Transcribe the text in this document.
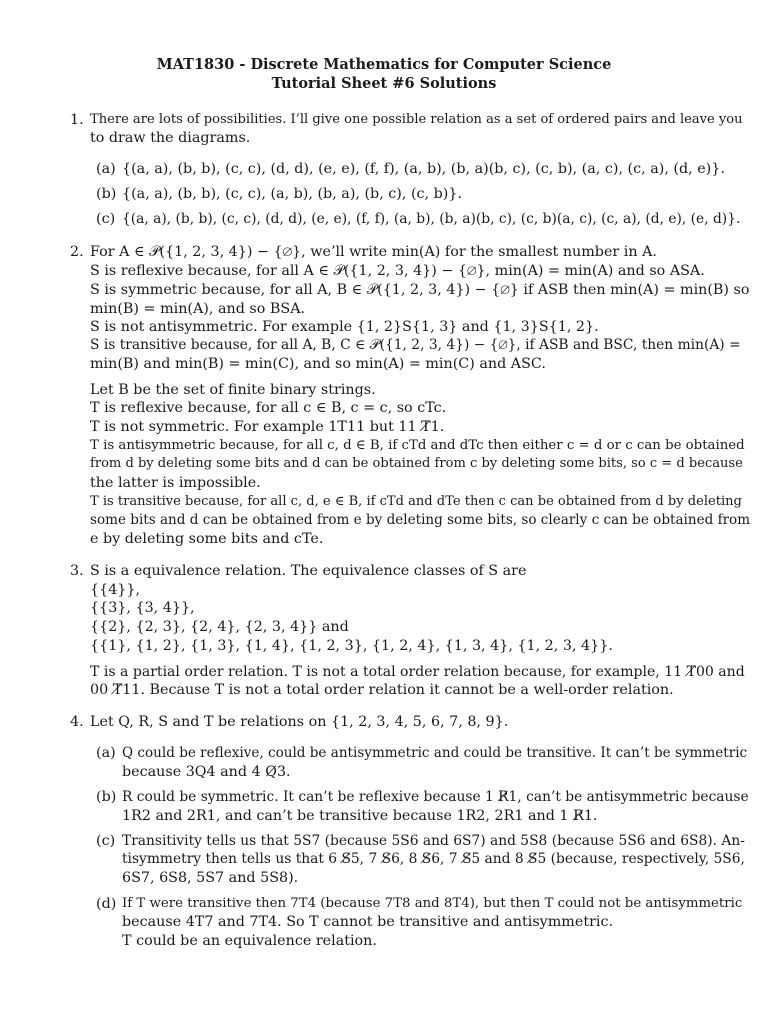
MAT1830 - Discrete Mathematics for Computer Science
Tutorial Sheet #6 Solutions
1. There are lots of possibilities. I’ll give one possible relation as a set of ordered pairs and leave you
to draw the diagrams.
(a) {(a, a), (b, b), (c, c), (d, d), (e, e), (f, f), (a, b), (b, a)(b, c), (c, b), (a, c), (c, a), (d, e)}.
(b) {(a, a), (b, b), (c, c), (a, b), (b, a), (b, c), (c, b)}.
(c) {(a, a), (b, b), (c, c), (d, d), (e, e), (f, f), (a, b), (b, a)(b, c), (c, b)(a, c), (c, a), (d, e), (e, d)}.
2. For A ∈ 𝒫({1, 2, 3, 4}) − {∅}, we’ll write min(A) for the smallest number in A.
S is reflexive because, for all A ∈ 𝒫({1, 2, 3, 4}) − {∅}, min(A) = min(A) and so ASA.
S is symmetric because, for all A, B ∈ 𝒫({1, 2, 3, 4}) − {∅} if ASB then min(A) = min(B) so
min(B) = min(A), and so BSA.
S is not antisymmetric. For example {1, 2}S{1, 3} and {1, 3}S{1, 2}.
S is transitive because, for all A, B, C ∈ 𝒫({1, 2, 3, 4}) − {∅}, if ASB and BSC, then min(A) =
min(B) and min(B) = min(C), and so min(A) = min(C) and ASC.
Let B be the set of finite binary strings.
T is reflexive because, for all c ∈ B, c = c, so cTc.
T is not symmetric. For example 1T11 but 11 T̸1.
T is antisymmetric because, for all c, d ∈ B, if cTd and dTc then either c = d or c can be obtained
from d by deleting some bits and d can be obtained from c by deleting some bits, so c = d because
the latter is impossible.
T is transitive because, for all c, d, e ∈ B, if cTd and dTe then c can be obtained from d by deleting
some bits and d can be obtained from e by deleting some bits, so clearly c can be obtained from
e by deleting some bits and cTe.
3. S is a equivalence relation. The equivalence classes of S are
{{4}},
{{3}, {3, 4}},
{{2}, {2, 3}, {2, 4}, {2, 3, 4}} and
{{1}, {1, 2}, {1, 3}, {1, 4}, {1, 2, 3}, {1, 2, 4}, {1, 3, 4}, {1, 2, 3, 4}}.
T is a partial order relation. T is not a total order relation because, for example, 11 T̸00 and
00 T̸11. Because T is not a total order relation it cannot be a well-order relation.
4. Let Q, R, S and T be relations on {1, 2, 3, 4, 5, 6, 7, 8, 9}.
(a) Q could be reflexive, could be antisymmetric and could be transitive. It can’t be symmetric
because 3Q4 and 4 Q̸3.
(b) R could be symmetric. It can’t be reflexive because 1 R̸1, can’t be antisymmetric because
1R2 and 2R1, and can’t be transitive because 1R2, 2R1 and 1 R̸1.
(c) Transitivity tells us that 5S7 (because 5S6 and 6S7) and 5S8 (because 5S6 and 6S8). An-
tisymmetry then tells us that 6 S̸5, 7 S̸6, 8 S̸6, 7 S̸5 and 8 S̸5 (because, respectively, 5S6,
6S7, 6S8, 5S7 and 5S8).
(d) If T were transitive then 7T4 (because 7T8 and 8T4), but then T could not be antisymmetric
because 4T7 and 7T4. So T cannot be transitive and antisymmetric.
T could be an equivalence relation.
